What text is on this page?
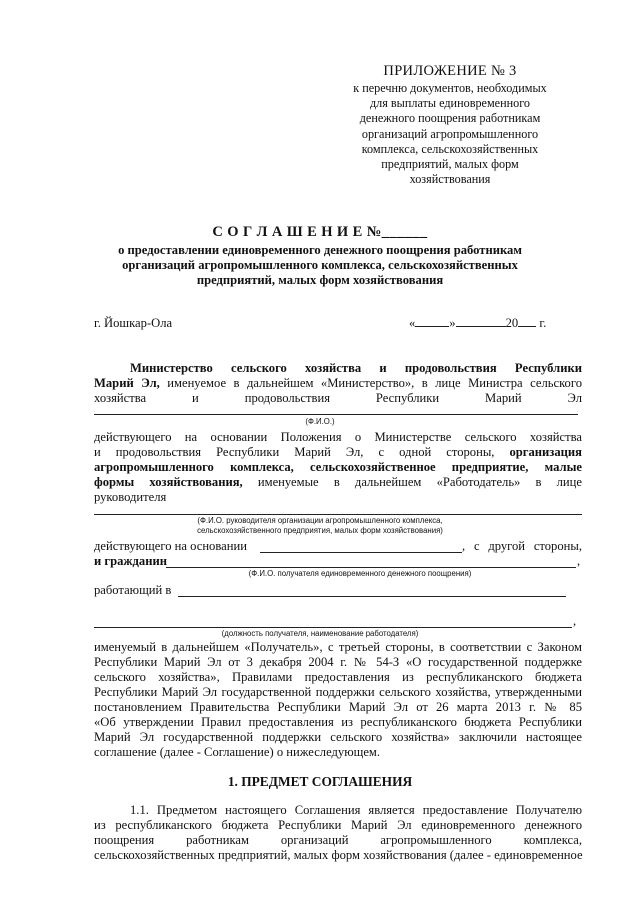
ПРИЛОЖЕНИЕ № 3
к перечню документов, необходимых
для выплаты единовременного
денежного поощрения работникам
организаций агропромышленного
комплекса, сельскохозяйственных
предприятий, малых форм
хозяйствования
С О Г Л А Ш Е Н И Е №______
о предоставлении единовременного денежного поощрения работникам
организаций агропромышленного комплекса, сельскохозяйственных
предприятий, малых форм хозяйствования
г. Йошкар-Ола	«	»	20 г.
Министерство сельского хозяйства и продовольствия Республики
Марий Эл, именуемое в дальнейшем «Министерство», в лице Министра сельского
хозяйства и продовольствия Республики Марий Эл
(Ф.И.О.)
действующего на основании Положения о Министерстве сельского хозяйства
и продовольствия Республики Марий Эл, с одной стороны, организация
агропромышленного комплекса, сельскохозяйственное предприятие, малые
формы хозяйствования, именуемые в дальнейшем «Работодатель» в лице
руководителя
(Ф.И.О. руководителя организации агропромышленного комплекса,
сельскохозяйственного предприятия, малых форм хозяйствования)
действующего на основании	, с другой стороны,
и гражданин	,
(Ф.И.О. получателя единовременного денежного поощрения)
работающий в
,
(должность получателя, наименование работодателя)
именуемый в дальнейшем «Получатель», с третьей стороны, в соответствии с Законом
Республики Марий Эл от 3 декабря 2004 г. № 54-З «О государственной поддержке
сельского хозяйства», Правилами предоставления из республиканского бюджета
Республики Марий Эл государственной поддержки сельского хозяйства, утвержденными
постановлением Правительства Республики Марий Эл от 26 марта 2013 г. № 85
«Об утверждении Правил предоставления из республиканского бюджета Республики
Марий Эл государственной поддержки сельского хозяйства» заключили настоящее
соглашение (далее - Соглашение) о нижеследующем.
1. ПРЕДМЕТ СОГЛАШЕНИЯ
1.1. Предметом настоящего Соглашения является предоставление Получателю
из республиканского бюджета Республики Марий Эл единовременного денежного
поощрения работникам организаций агропромышленного комплекса,
сельскохозяйственных предприятий, малых форм хозяйствования (далее - единовременное
